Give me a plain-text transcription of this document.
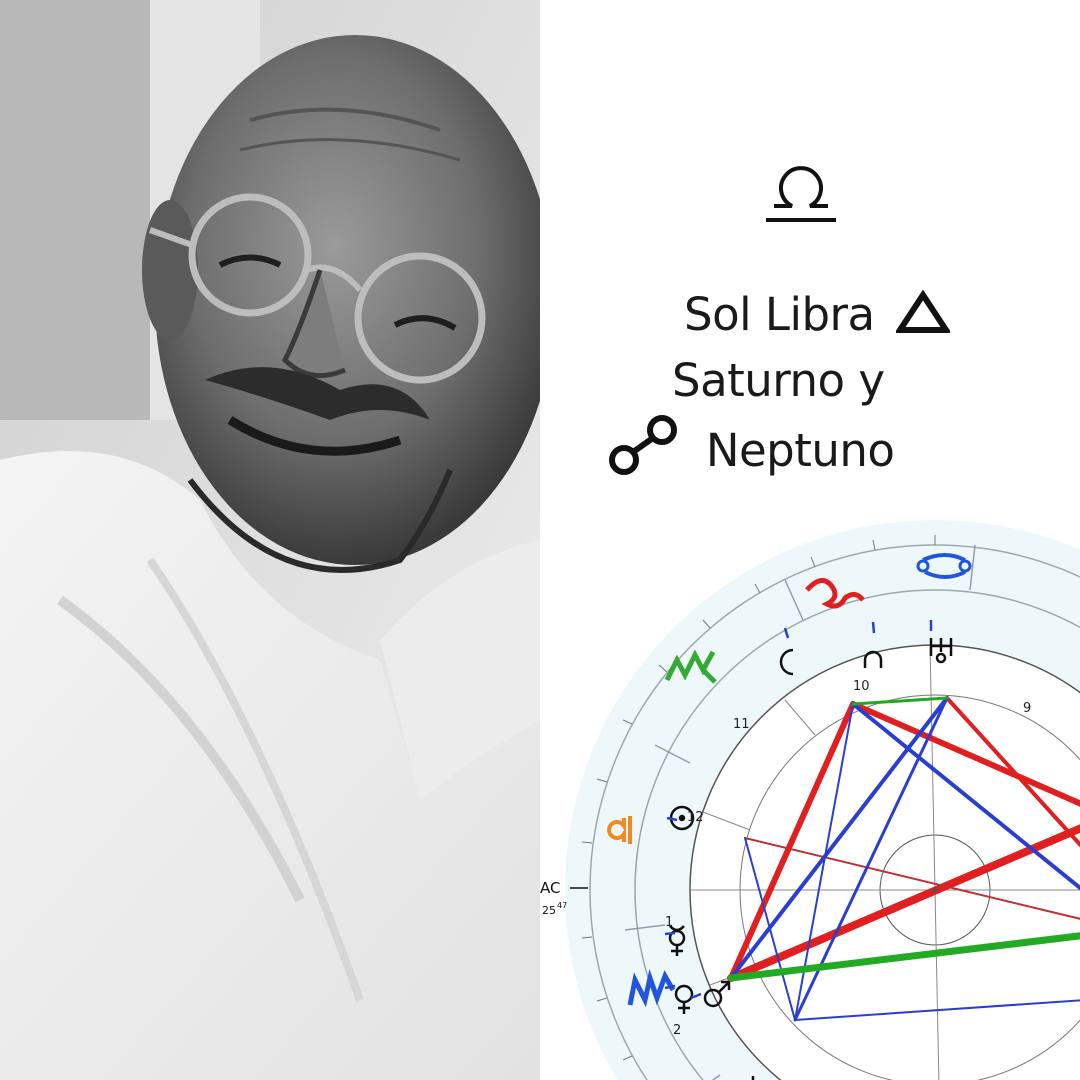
Sol Libra
Saturno y
Neptuno
11
10
9
12
1
2
AC
25 47
